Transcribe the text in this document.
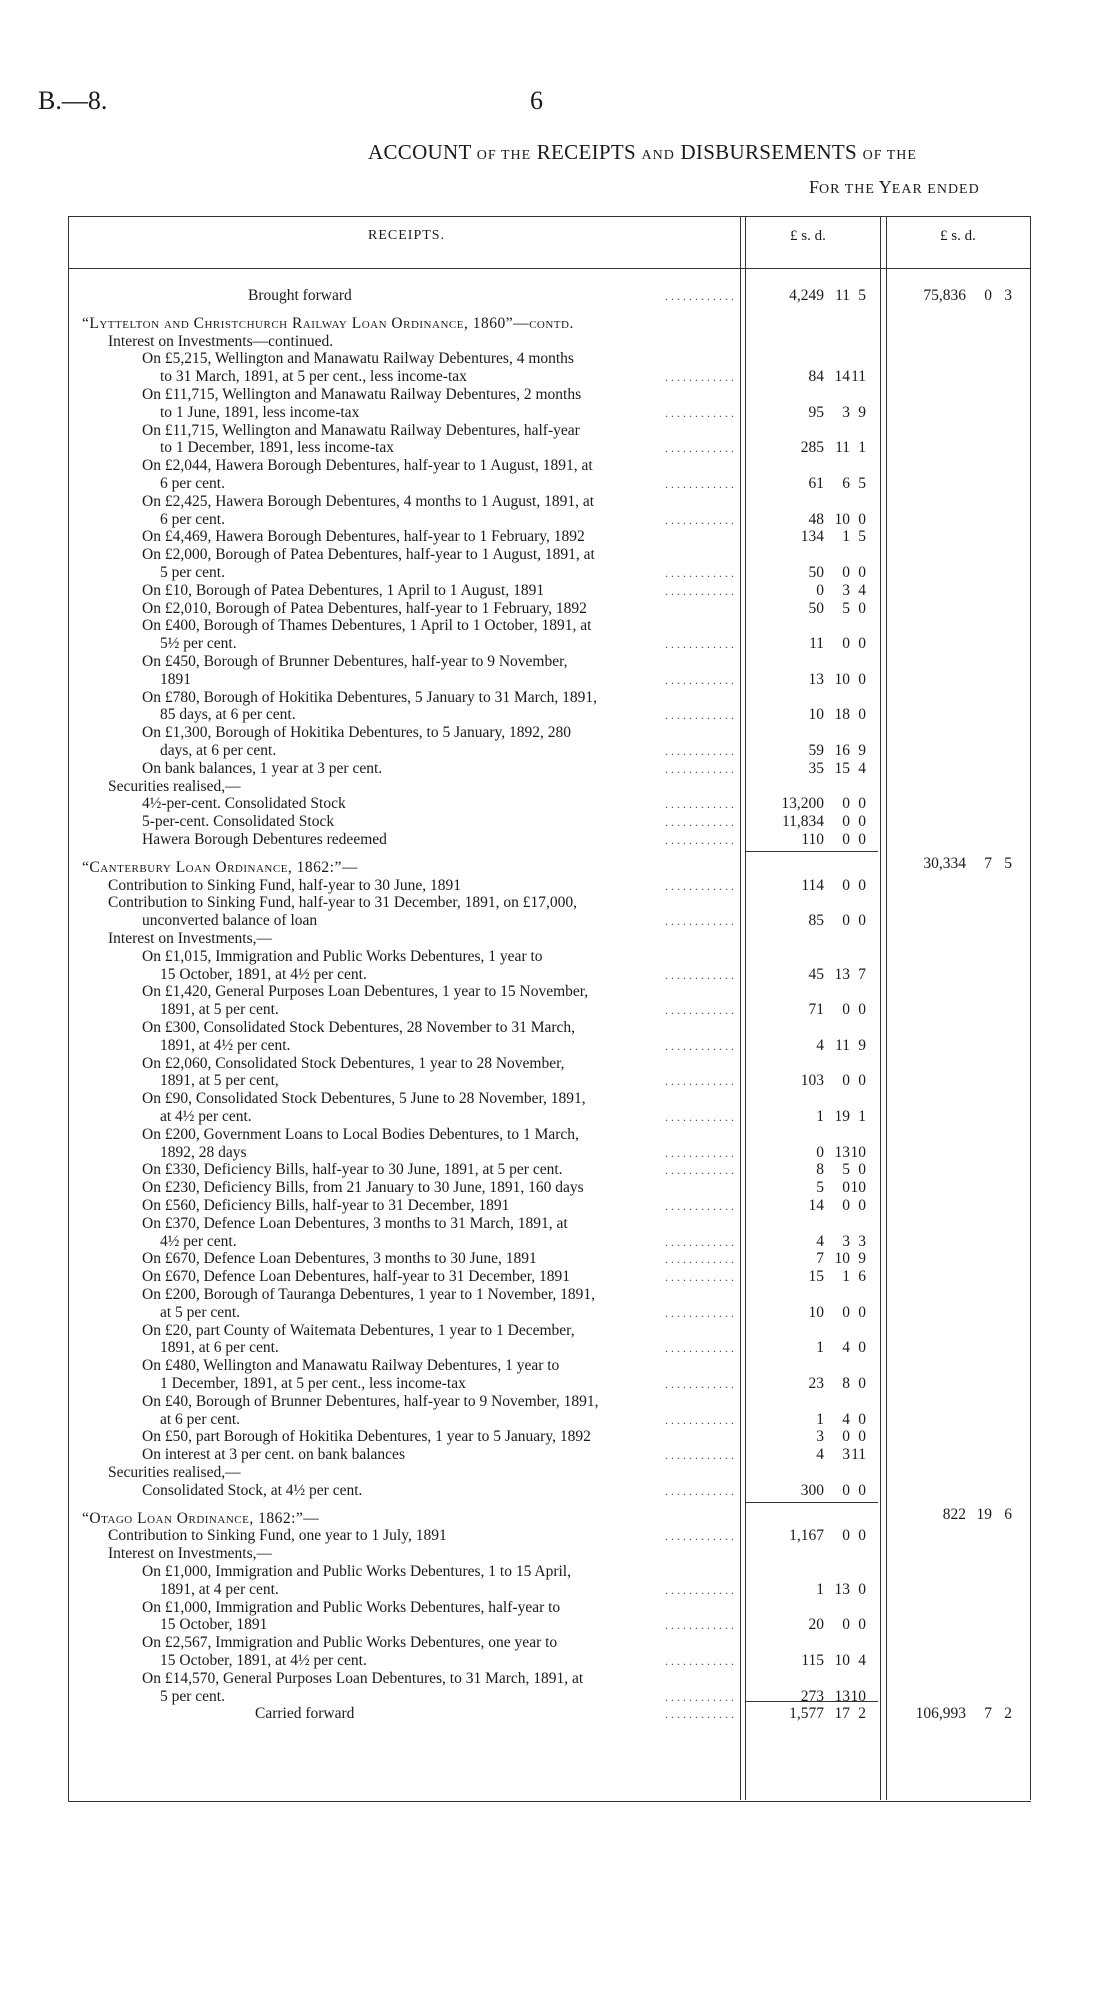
B.—8.	6
ACCOUNT OF THE RECEIPTS AND DISBURSEMENTS OF THE
FOR THE YEAR ENDED
RECEIPTS.	£ s. d.	£ s. d.
Brought forward	. . . . . . . . . . . .	4,249 11 5	75,836 0 3
“Lyttelton and Christchurch Railway Loan Ordinance, 1860”—contd.
Interest on Investments—continued.
On £5,215, Wellington and Manawatu Railway Debentures, 4 months
to 31 March, 1891, at 5 per cent., less income-tax	. . . . . . . . . . . .	84 14 11
On £11,715, Wellington and Manawatu Railway Debentures, 2 months
to 1 June, 1891, less income-tax	. . . . . . . . . . . .	95 3 9
On £11,715, Wellington and Manawatu Railway Debentures, half-year
to 1 December, 1891, less income-tax	. . . . . . . . . . . .	285 11 1
On £2,044, Hawera Borough Debentures, half-year to 1 August, 1891, at
6 per cent.	. . . . . . . . . . . .	61 6 5
On £2,425, Hawera Borough Debentures, 4 months to 1 August, 1891, at
6 per cent.	. . . . . . . . . . . .	48 10 0
On £4,469, Hawera Borough Debentures, half-year to 1 February, 1892	134 1 5
On £2,000, Borough of Patea Debentures, half-year to 1 August, 1891, at
5 per cent.	. . . . . . . . . . . .	50 0 0
On £10, Borough of Patea Debentures, 1 April to 1 August, 1891	. . . . . . . . . . . .	0 3 4
On £2,010, Borough of Patea Debentures, half-year to 1 February, 1892	50 5 0
On £400, Borough of Thames Debentures, 1 April to 1 October, 1891, at
5½ per cent.	. . . . . . . . . . . .	11 0 0
On £450, Borough of Brunner Debentures, half-year to 9 November,
1891	. . . . . . . . . . . .	13 10 0
On £780, Borough of Hokitika Debentures, 5 January to 31 March, 1891,
85 days, at 6 per cent.	. . . . . . . . . . . .	10 18 0
On £1,300, Borough of Hokitika Debentures, to 5 January, 1892, 280
days, at 6 per cent.	. . . . . . . . . . . .	59 16 9
On bank balances, 1 year at 3 per cent.	. . . . . . . . . . . .	35 15 4
Securities realised,—
4½-per-cent. Consolidated Stock	. . . . . . . . . . . .	13,200 0 0
5-per-cent. Consolidated Stock	. . . . . . . . . . . .	11,834 0 0
Hawera Borough Debentures redeemed	. . . . . . . . . . . .	110 0 0
30,334 7 5
“Canterbury Loan Ordinance, 1862:”—
Contribution to Sinking Fund, half-year to 30 June, 1891	. . . . . . . . . . . .	114 0 0
Contribution to Sinking Fund, half-year to 31 December, 1891, on £17,000,
unconverted balance of loan	. . . . . . . . . . . .	85 0 0
Interest on Investments,—
On £1,015, Immigration and Public Works Debentures, 1 year to
15 October, 1891, at 4½ per cent.	. . . . . . . . . . . .	45 13 7
On £1,420, General Purposes Loan Debentures, 1 year to 15 November,
1891, at 5 per cent.	. . . . . . . . . . . .	71 0 0
On £300, Consolidated Stock Debentures, 28 November to 31 March,
1891, at 4½ per cent.	. . . . . . . . . . . .	4 11 9
On £2,060, Consolidated Stock Debentures, 1 year to 28 November,
1891, at 5 per cent,	. . . . . . . . . . . .	103 0 0
On £90, Consolidated Stock Debentures, 5 June to 28 November, 1891,
at 4½ per cent.	. . . . . . . . . . . .	1 19 1
On £200, Government Loans to Local Bodies Debentures, to 1 March,
1892, 28 days	. . . . . . . . . . . .	0 13 10
On £330, Deficiency Bills, half-year to 30 June, 1891, at 5 per cent.	. . . . . . . . . . . .	8 5 0
On £230, Deficiency Bills, from 21 January to 30 June, 1891, 160 days	5 0 10
On £560, Deficiency Bills, half-year to 31 December, 1891	. . . . . . . . . . . .	14 0 0
On £370, Defence Loan Debentures, 3 months to 31 March, 1891, at
4½ per cent.	. . . . . . . . . . . .	4 3 3
On £670, Defence Loan Debentures, 3 months to 30 June, 1891	. . . . . . . . . . . .	7 10 9
On £670, Defence Loan Debentures, half-year to 31 December, 1891	. . . . . . . . . . . .	15 1 6
On £200, Borough of Tauranga Debentures, 1 year to 1 November, 1891,
at 5 per cent.	. . . . . . . . . . . .	10 0 0
On £20, part County of Waitemata Debentures, 1 year to 1 December,
1891, at 6 per cent.	. . . . . . . . . . . .	1 4 0
On £480, Wellington and Manawatu Railway Debentures, 1 year to
1 December, 1891, at 5 per cent., less income-tax	. . . . . . . . . . . .	23 8 0
On £40, Borough of Brunner Debentures, half-year to 9 November, 1891,
at 6 per cent.	. . . . . . . . . . . .	1 4 0
On £50, part Borough of Hokitika Debentures, 1 year to 5 January, 1892	3 0 0
On interest at 3 per cent. on bank balances	. . . . . . . . . . . .	4 3 11
Securities realised,—
Consolidated Stock, at 4½ per cent.	. . . . . . . . . . . .	300 0 0
822 19 6
“Otago Loan Ordinance, 1862:”—
Contribution to Sinking Fund, one year to 1 July, 1891	. . . . . . . . . . . .	1,167 0 0
Interest on Investments,—
On £1,000, Immigration and Public Works Debentures, 1 to 15 April,
1891, at 4 per cent.	. . . . . . . . . . . .	1 13 0
On £1,000, Immigration and Public Works Debentures, half-year to
15 October, 1891	. . . . . . . . . . . .	20 0 0
On £2,567, Immigration and Public Works Debentures, one year to
15 October, 1891, at 4½ per cent.	. . . . . . . . . . . .	115 10 4
On £14,570, General Purposes Loan Debentures, to 31 March, 1891, at
5 per cent.	. . . . . . . . . . . .	273 13 10
Carried forward	. . . . . . . . . . . .	1,577 17 2	106,993 7 2
